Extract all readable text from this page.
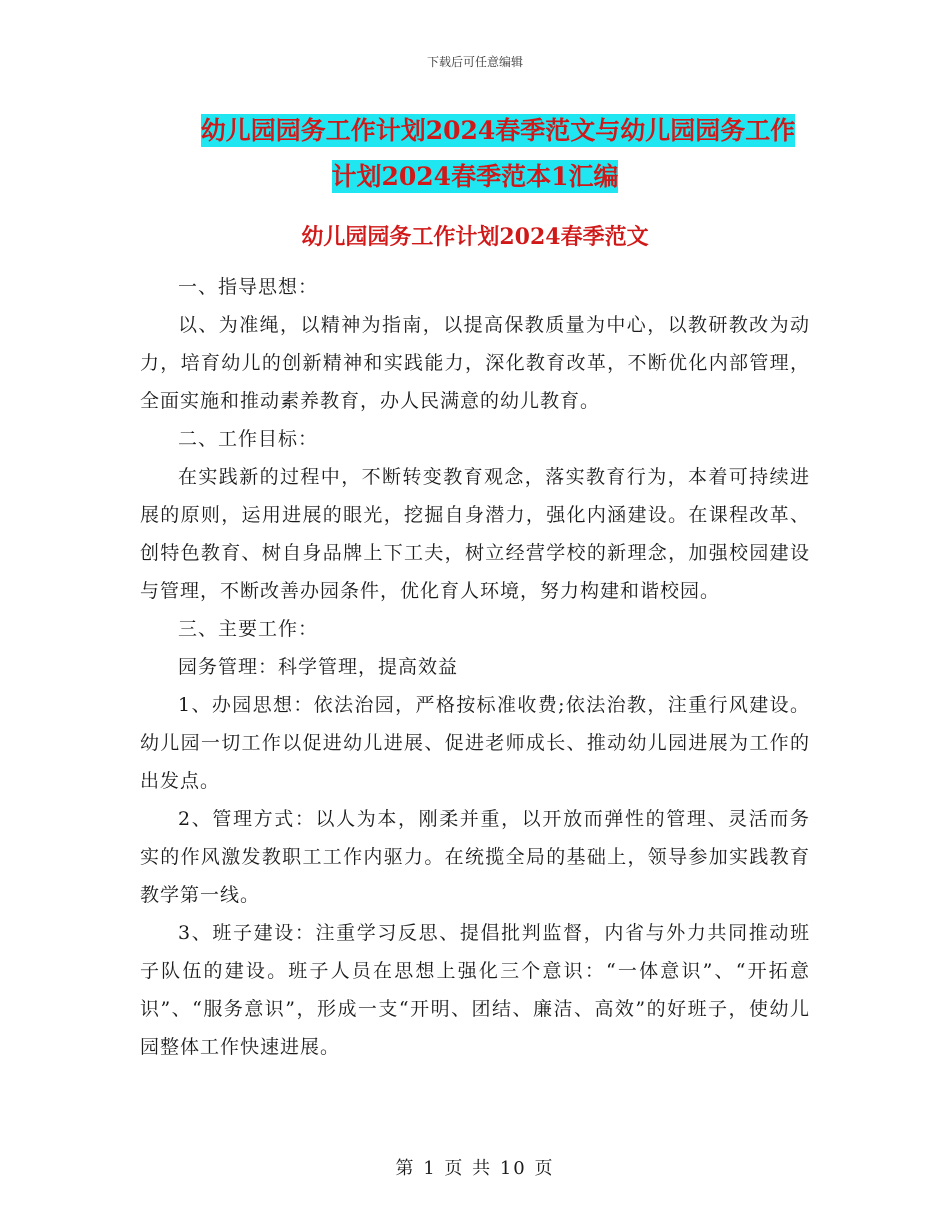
下载后可任意编辑
幼儿园园务工作计划2024春季范文与幼儿园园务工作
计划2024春季范本1汇编
幼儿园园务工作计划2024春季范文

一、指导思想：

以、为准绳，以精神为指南，以提高保教质量为中心，以教研教改为动力，培育幼儿的创新精神和实践能力，深化教育改革，不断优化内部管理，全面实施和推动素养教育，办人民满意的幼儿教育。

二、工作目标：

在实践新的过程中，不断转变教育观念，落实教育行为，本着可持续进展的原则，运用进展的眼光，挖掘自身潜力，强化内涵建设。在课程改革、创特色教育、树自身品牌上下工夫，树立经营学校的新理念，加强校园建设与管理，不断改善办园条件，优化育人环境，努力构建和谐校园。

三、主要工作：

园务管理：科学管理，提高效益

1、办园思想：依法治园，严格按标准收费;依法治教，注重行风建设。幼儿园一切工作以促进幼儿进展、促进老师成长、推动幼儿园进展为工作的出发点。

2、管理方式：以人为本，刚柔并重，以开放而弹性的管理、灵活而务实的作风激发教职工工作内驱力。在统揽全局的基础上，领导参加实践教育教学第一线。

3、班子建设：注重学习反思、提倡批判监督，内省与外力共同推动班子队伍的建设。班子人员在思想上强化三个意识：“一体意识”、“开拓意识”、“服务意识”，形成一支“开明、团结、廉洁、高效”的好班子，使幼儿园整体工作快速进展。

第 1 页 共 10 页
